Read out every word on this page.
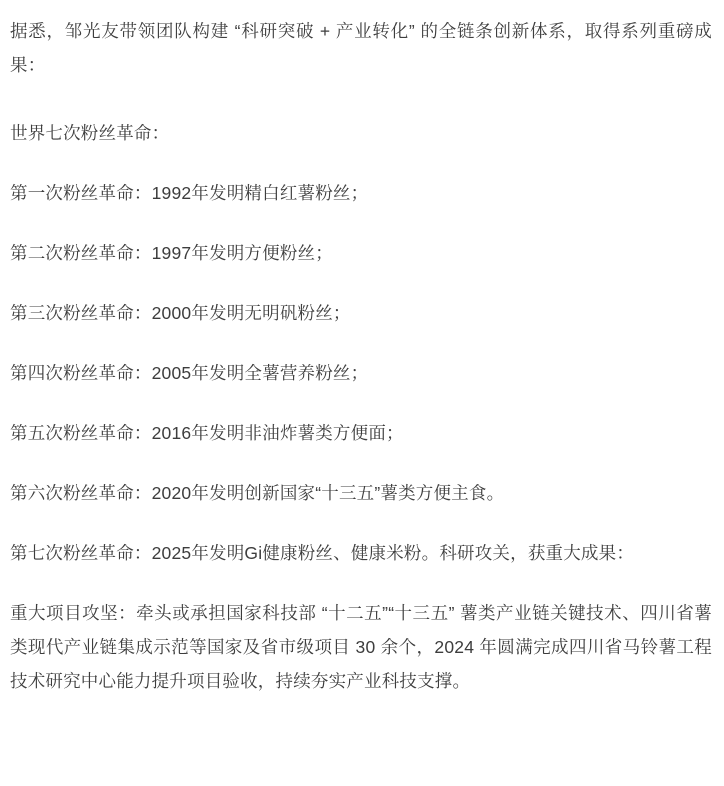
据悉，邹光友带领团队构建 “科研突破 + 产业转化” 的全链条创新体系，取得系列重磅成果：

世界七次粉丝革命：

第一次粉丝革命：1992年发明精白红薯粉丝；

第二次粉丝革命：1997年发明方便粉丝；

第三次粉丝革命：2000年发明无明矾粉丝；

第四次粉丝革命：2005年发明全薯营养粉丝；

第五次粉丝革命：2016年发明非油炸薯类方便面；

第六次粉丝革命：2020年发明创新国家“十三五”薯类方便主食。

第七次粉丝革命：2025年发明Gi健康粉丝、健康米粉。科研攻关，获重大成果：

重大项目攻坚：牵头或承担国家科技部 “十二五”“十三五” 薯类产业链关键技术、四川省薯类现代产业链集成示范等国家及省市级项目 30 余个，2024 年圆满完成四川省马铃薯工程技术研究中心能力提升项目验收，持续夯实产业科技支撑。
